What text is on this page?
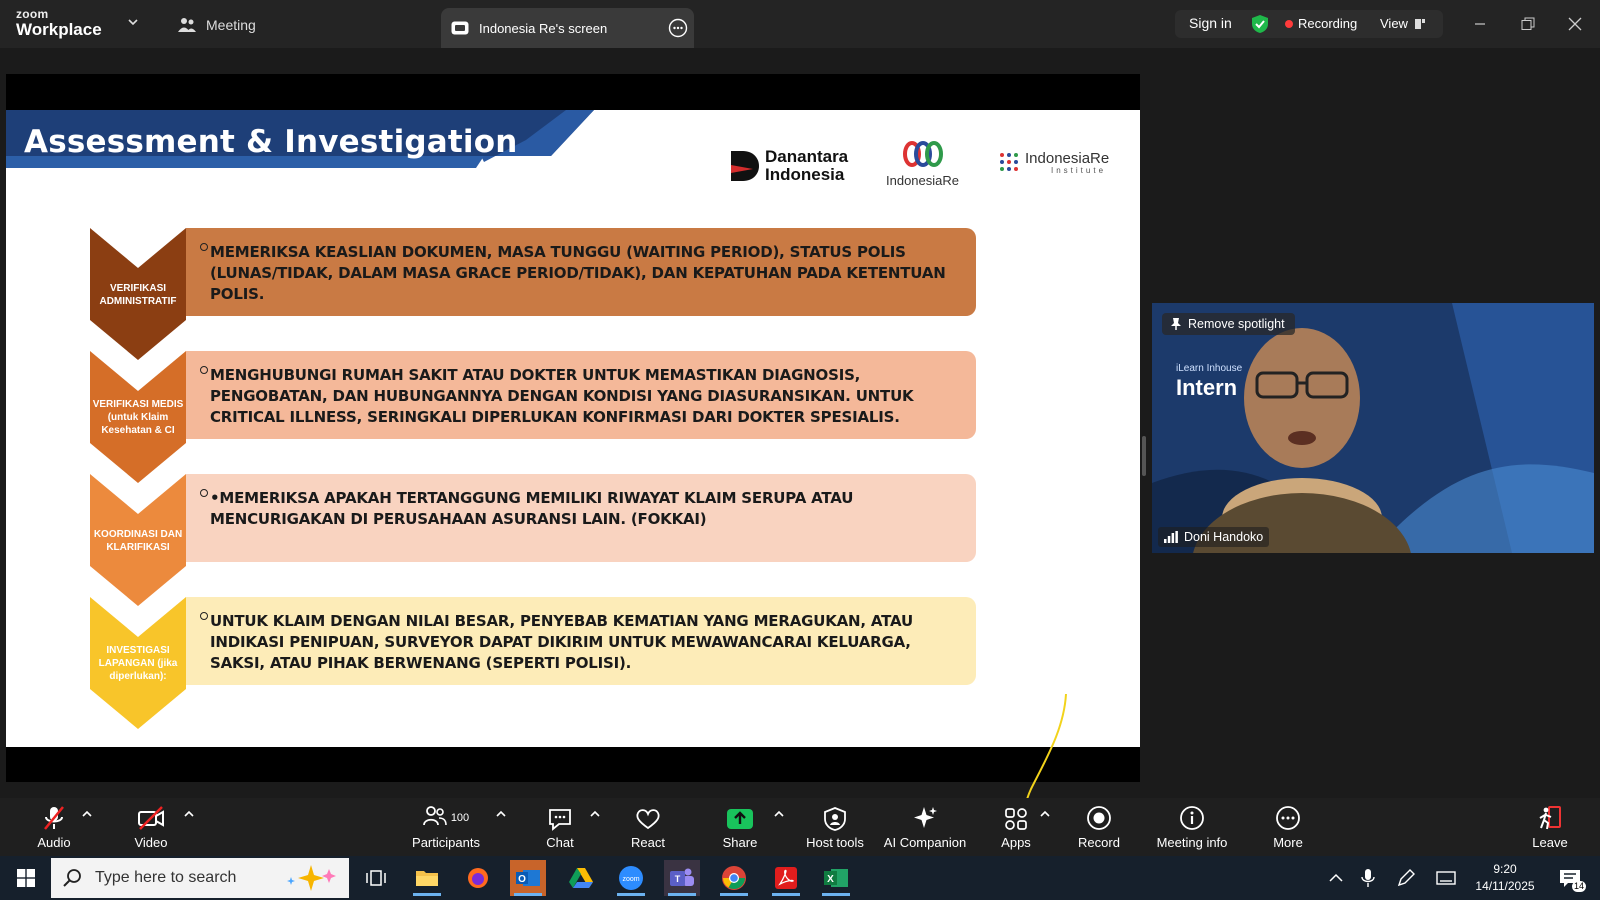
zoom
Workplace	Meeting	Indonesia Re's screen	Sign in	Recording View
Assessment & Investigation	Danantara Indonesia	IndonesiaRe
IndonesiaRe
Institute
VERIFIKASI ADMINISTRATIF
MEMERIKSA KEASLIAN DOKUMEN, MASA TUNGGU (WAITING PERIOD), STATUS POLIS (LUNAS/TIDAK, DALAM MASA GRACE PERIOD/TIDAK), DAN KEPATUHAN PADA KETENTUAN POLIS.
VERIFIKASI MEDIS (untuk Klaim Kesehatan & CI
MENGHUBUNGI RUMAH SAKIT ATAU DOKTER UNTUK MEMASTIKAN DIAGNOSIS, PENGOBATAN, DAN HUBUNGANNYA DENGAN KONDISI YANG DIASURANSIKAN. UNTUK CRITICAL ILLNESS, SERINGKALI DIPERLUKAN KONFIRMASI DARI DOKTER SPESIALIS.
KOORDINASI DAN KLARIFIKASI
•MEMERIKSA APAKAH TERTANGGUNG MEMILIKI RIWAYAT KLAIM SERUPA ATAU MENCURIGAKAN DI PERUSAHAAN ASURANSI LAIN. (FOKKAI)
INVESTIGASI LAPANGAN (jika diperlukan):
UNTUK KLAIM DENGAN NILAI BESAR, PENYEBAB KEMATIAN YANG MERAGUKAN, ATAU INDIKASI PENIPUAN, SURVEYOR DAPAT DIKIRIM UNTUK MEWAWANCARAI KELUARGA, SAKSI, ATAU PIHAK BERWENANG (SEPERTI POLISI).
iLearn Inhouse
Intern
Remove spotlight
Doni Handoko
Audio	Video
100
Participants	Chat	React	Share	Host tools AI Companion	Apps	Record	Meeting info	More	Leave
Type here to search	O	zoom	T	X
9:20
14/11/2025	14
